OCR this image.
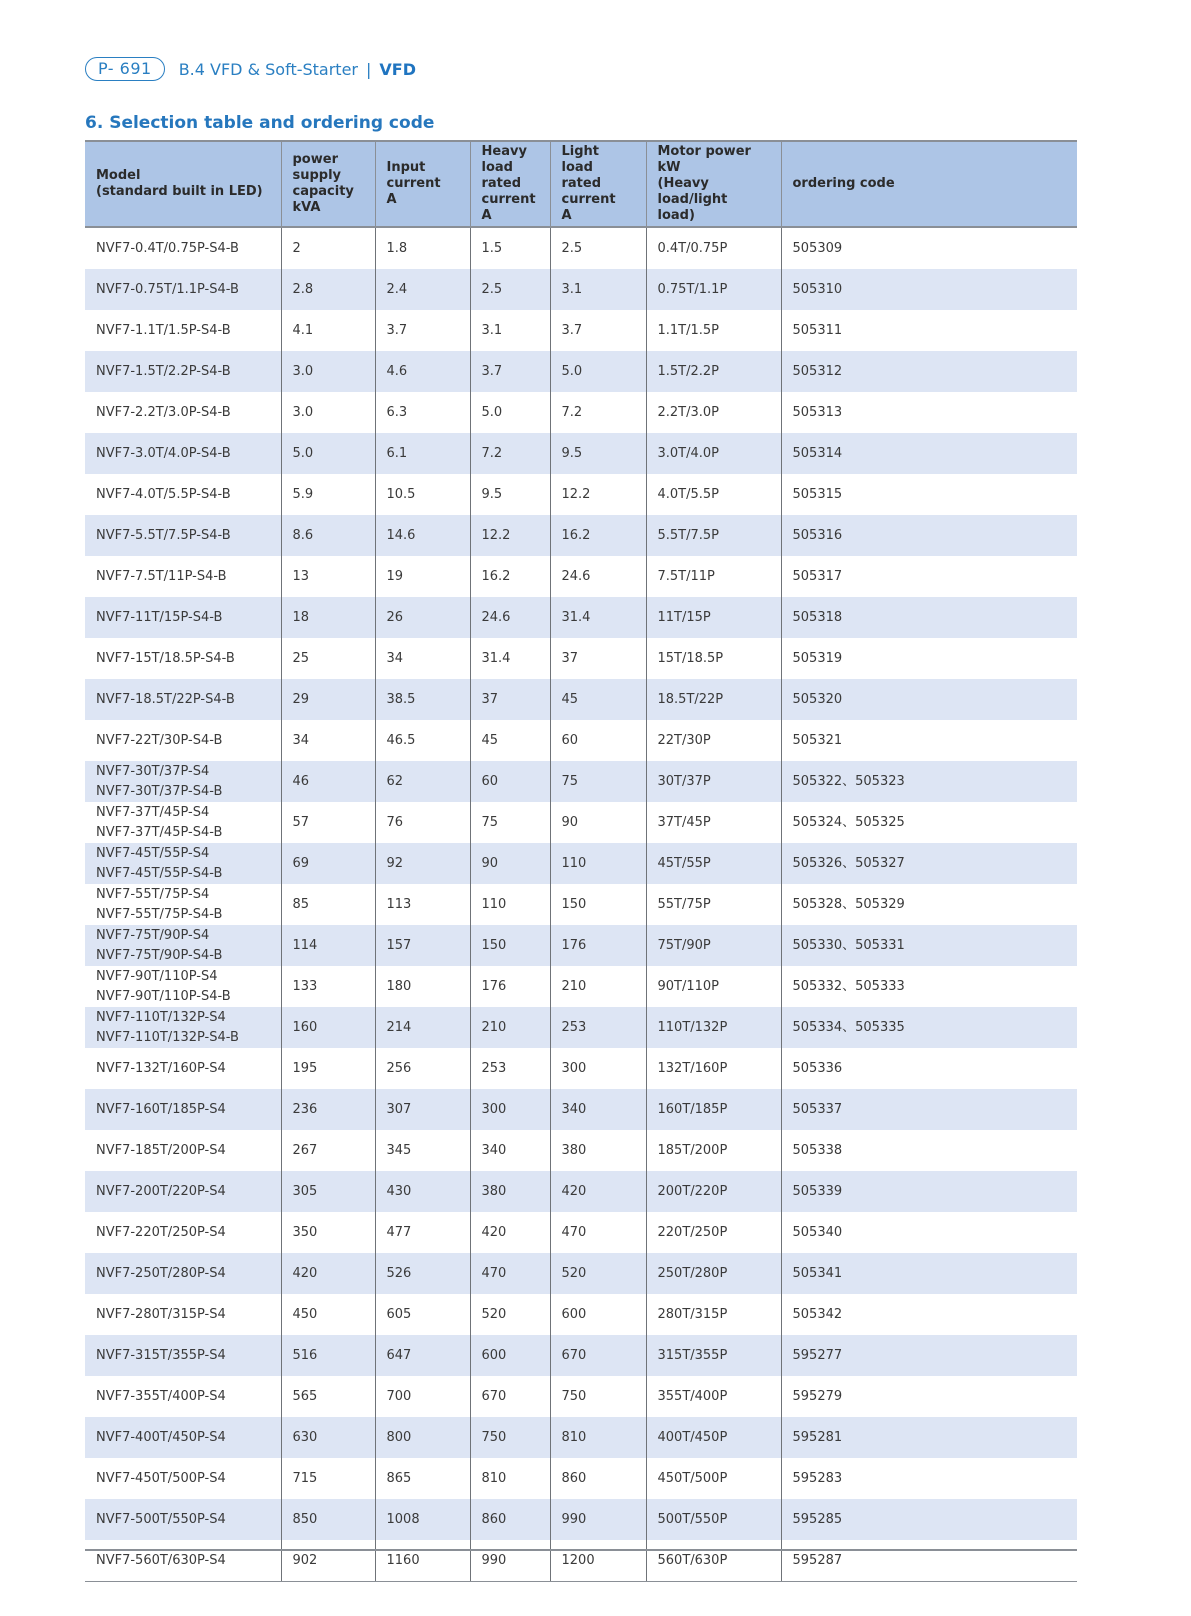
P- 691	B.4 VFD & Soft-Starter | VFD
6. Selection table and ordering code
Model
(standard built in LED)	power supply
capacity
kVA	Input current
A	Heavy load
rated current
A	Light load
rated current
A	Motor power kW
(Heavy load/light
load)	ordering code

NVF7-0.4T/0.75P-S4-B	2	1.8	1.5	2.5	0.4T/0.75P	505309

NVF7-0.75T/1.1P-S4-B	2.8	2.4	2.5	3.1	0.75T/1.1P	505310

NVF7-1.1T/1.5P-S4-B	4.1	3.7	3.1	3.7	1.1T/1.5P	505311

NVF7-1.5T/2.2P-S4-B	3.0	4.6	3.7	5.0	1.5T/2.2P	505312

NVF7-2.2T/3.0P-S4-B	3.0	6.3	5.0	7.2	2.2T/3.0P	505313

NVF7-3.0T/4.0P-S4-B	5.0	6.1	7.2	9.5	3.0T/4.0P	505314

NVF7-4.0T/5.5P-S4-B	5.9	10.5	9.5	12.2	4.0T/5.5P	505315

NVF7-5.5T/7.5P-S4-B	8.6	14.6	12.2	16.2	5.5T/7.5P	505316

NVF7-7.5T/11P-S4-B	13	19	16.2	24.6	7.5T/11P	505317

NVF7-11T/15P-S4-B	18	26	24.6	31.4	11T/15P	505318

NVF7-15T/18.5P-S4-B	25	34	31.4	37	15T/18.5P	505319

NVF7-18.5T/22P-S4-B	29	38.5	37	45	18.5T/22P	505320

NVF7-22T/30P-S4-B	34	46.5	45	60	22T/30P	505321

NVF7-30T/37P-S4
NVF7-30T/37P-S4-B	46	62	60	75	30T/37P	505322、505323

NVF7-37T/45P-S4
NVF7-37T/45P-S4-B	57	76	75	90	37T/45P	505324、505325

NVF7-45T/55P-S4
NVF7-45T/55P-S4-B	69	92	90	110	45T/55P	505326、505327

NVF7-55T/75P-S4
NVF7-55T/75P-S4-B	85	113	110	150	55T/75P	505328、505329

NVF7-75T/90P-S4
NVF7-75T/90P-S4-B	114	157	150	176	75T/90P	505330、505331

NVF7-90T/110P-S4
NVF7-90T/110P-S4-B	133	180	176	210	90T/110P	505332、505333

NVF7-110T/132P-S4
NVF7-110T/132P-S4-B	160	214	210	253	110T/132P	505334、505335

NVF7-132T/160P-S4	195	256	253	300	132T/160P	505336

NVF7-160T/185P-S4	236	307	300	340	160T/185P	505337

NVF7-185T/200P-S4	267	345	340	380	185T/200P	505338

NVF7-200T/220P-S4	305	430	380	420	200T/220P	505339

NVF7-220T/250P-S4	350	477	420	470	220T/250P	505340

NVF7-250T/280P-S4	420	526	470	520	250T/280P	505341

NVF7-280T/315P-S4	450	605	520	600	280T/315P	505342

NVF7-315T/355P-S4	516	647	600	670	315T/355P	595277

NVF7-355T/400P-S4	565	700	670	750	355T/400P	595279

NVF7-400T/450P-S4	630	800	750	810	400T/450P	595281

NVF7-450T/500P-S4	715	865	810	860	450T/500P	595283

NVF7-500T/550P-S4	850	1008	860	990	500T/550P	595285

NVF7-560T/630P-S4	902	1160	990	1200	560T/630P	595287
